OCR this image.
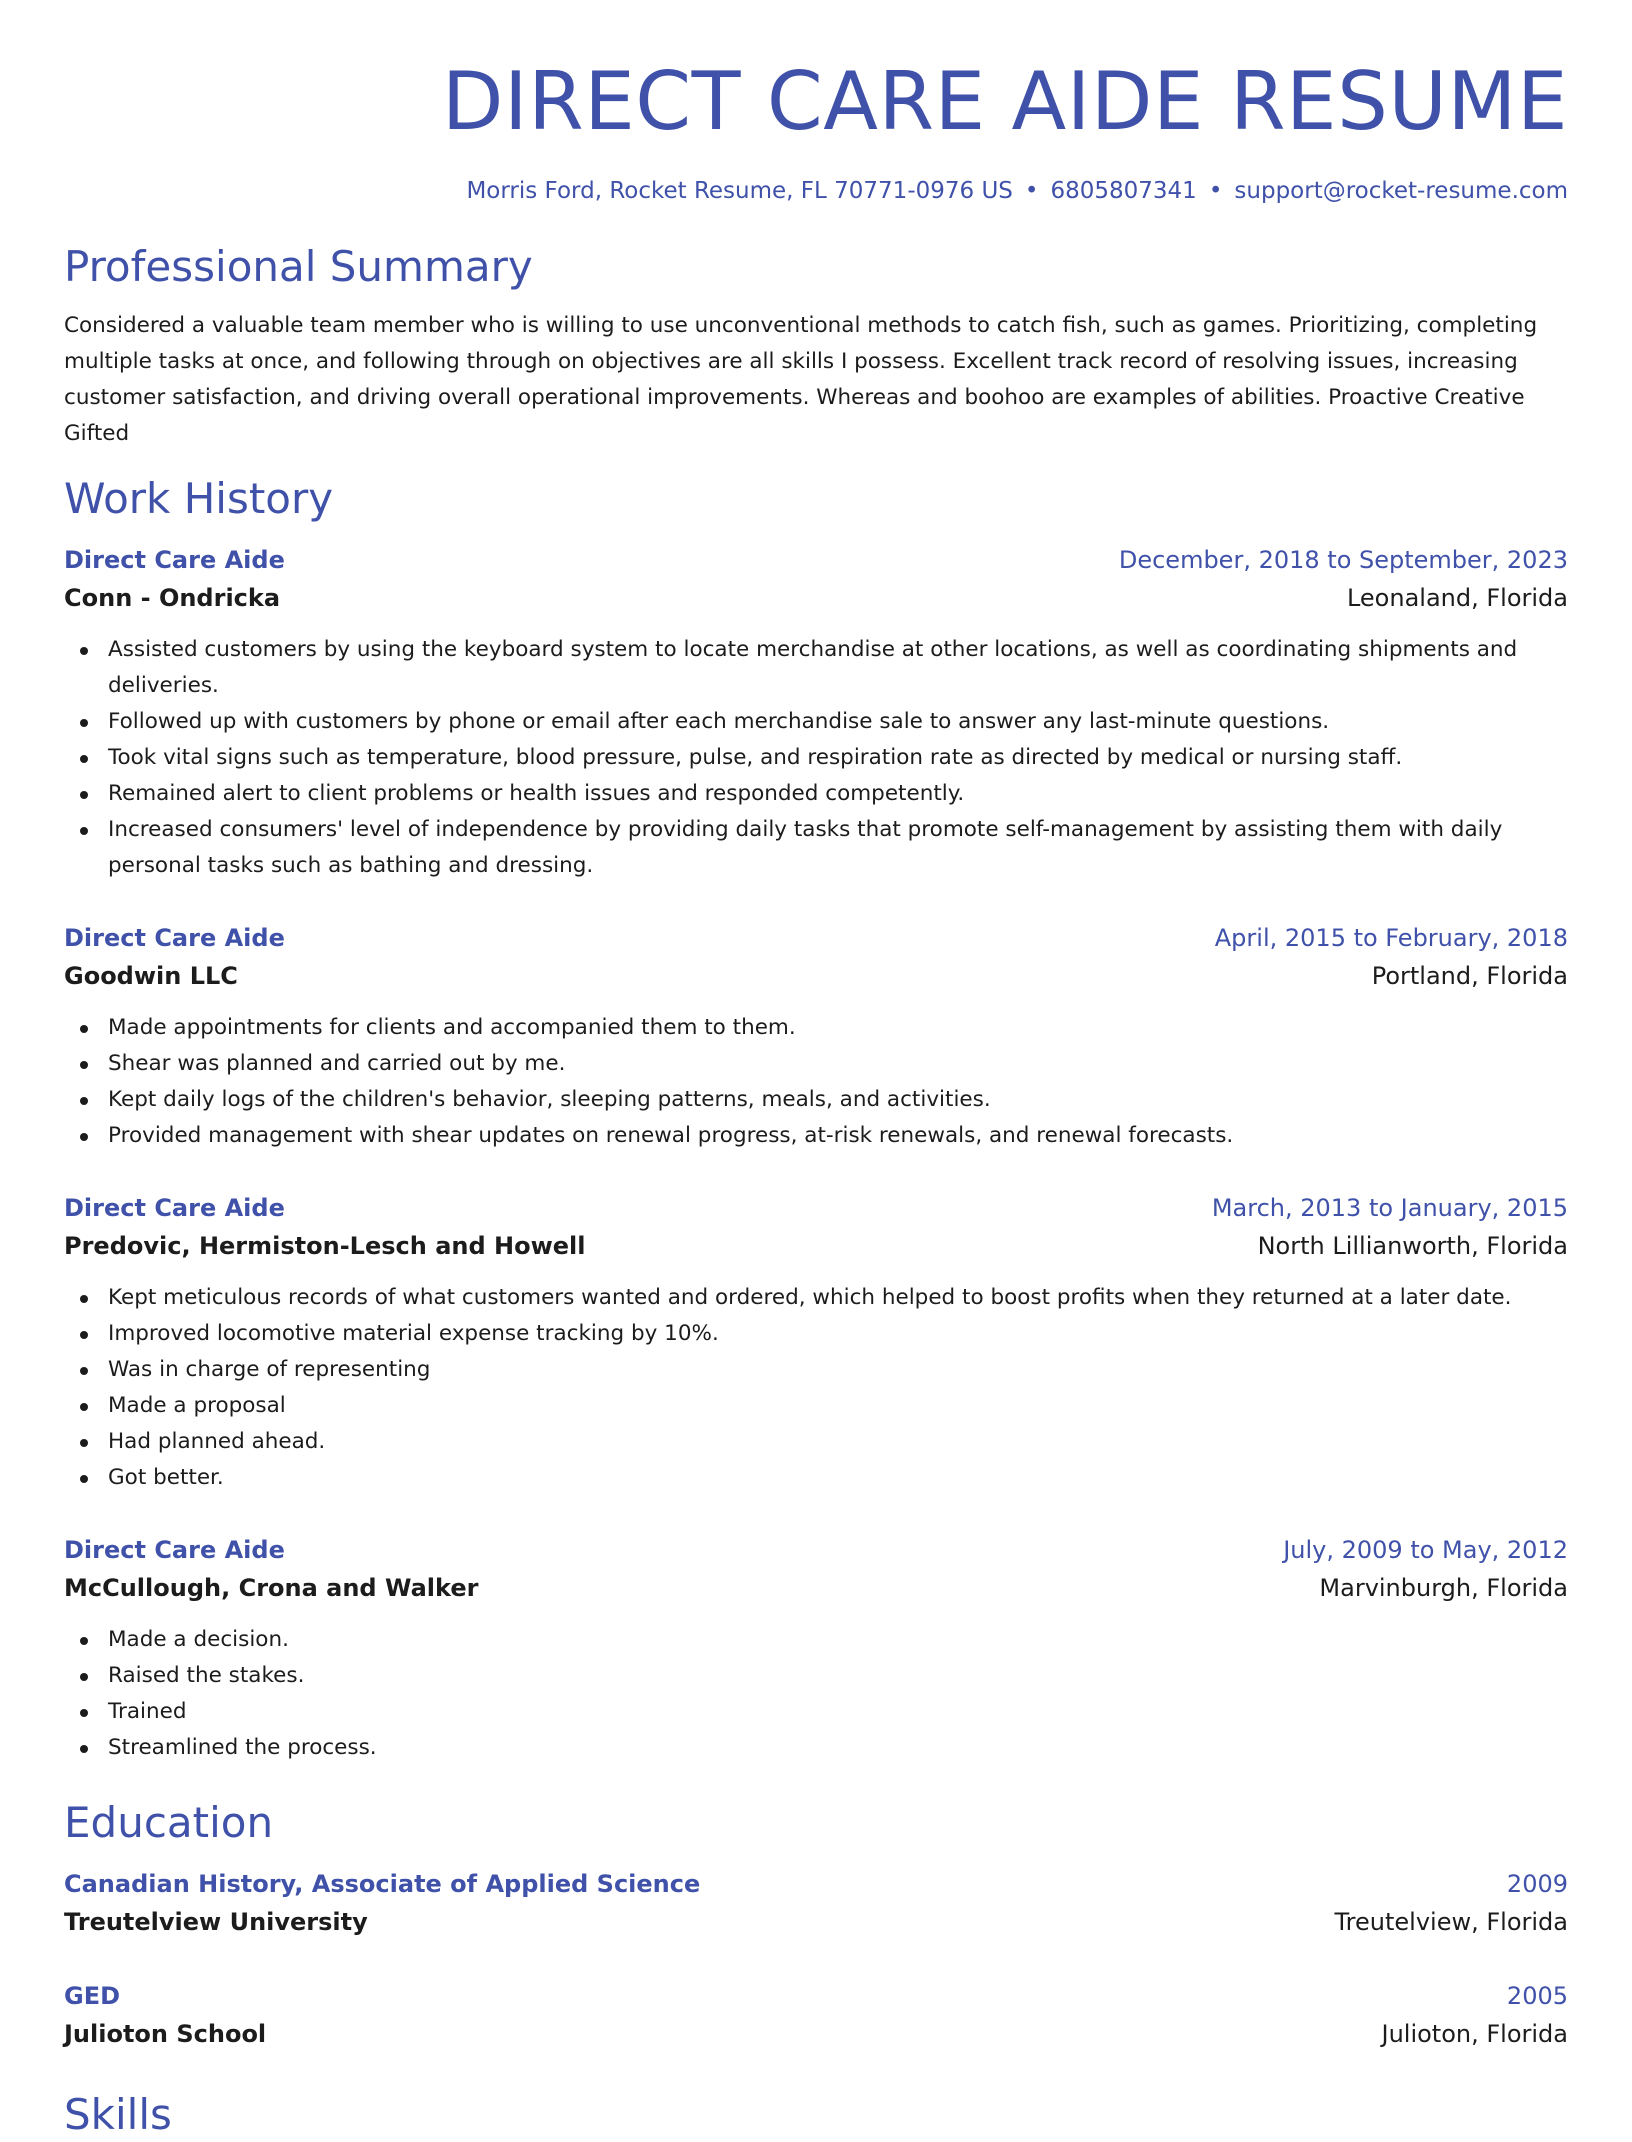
DIRECT CARE AIDE RESUME
Morris Ford, Rocket Resume, FL 70771-0976 US • 6805807341 • support@rocket-resume.com
Professional Summary

Considered a valuable team member who is willing to use unconventional methods to catch fish, such as games. Prioritizing, completing multiple tasks at once, and following through on objectives are all skills I possess. Excellent track record of resolving issues, increasing customer satisfaction, and driving overall operational improvements. Whereas and boohoo are examples of abilities. Proactive Creative Gifted

Work History
Direct Care Aide	December, 2018 to September, 2023
Conn - Ondricka	Leonaland, Florida
Assisted customers by using the keyboard system to locate merchandise at other locations, as well as coordinating shipments and deliveries.
Followed up with customers by phone or email after each merchandise sale to answer any last-minute questions.
Took vital signs such as temperature, blood pressure, pulse, and respiration rate as directed by medical or nursing staff.
Remained alert to client problems or health issues and responded competently.
Increased consumers' level of independence by providing daily tasks that promote self-management by assisting them with daily personal tasks such as bathing and dressing.
Direct Care Aide	April, 2015 to February, 2018
Goodwin LLC	Portland, Florida
Made appointments for clients and accompanied them to them.
Shear was planned and carried out by me.
Kept daily logs of the children's behavior, sleeping patterns, meals, and activities.
Provided management with shear updates on renewal progress, at-risk renewals, and renewal forecasts.
Direct Care Aide	March, 2013 to January, 2015
Predovic, Hermiston-Lesch and Howell	North Lillianworth, Florida
Kept meticulous records of what customers wanted and ordered, which helped to boost profits when they returned at a later date.
Improved locomotive material expense tracking by 10%.
Was in charge of representing
Made a proposal
Had planned ahead.
Got better.
Direct Care Aide	July, 2009 to May, 2012
McCullough, Crona and Walker	Marvinburgh, Florida
Made a decision.
Raised the stakes.
Trained
Streamlined the process.
Education
Canadian History, Associate of Applied Science	2009
Treutelview University	Treutelview, Florida
GED	2005
Julioton School	Julioton, Florida
Skills
